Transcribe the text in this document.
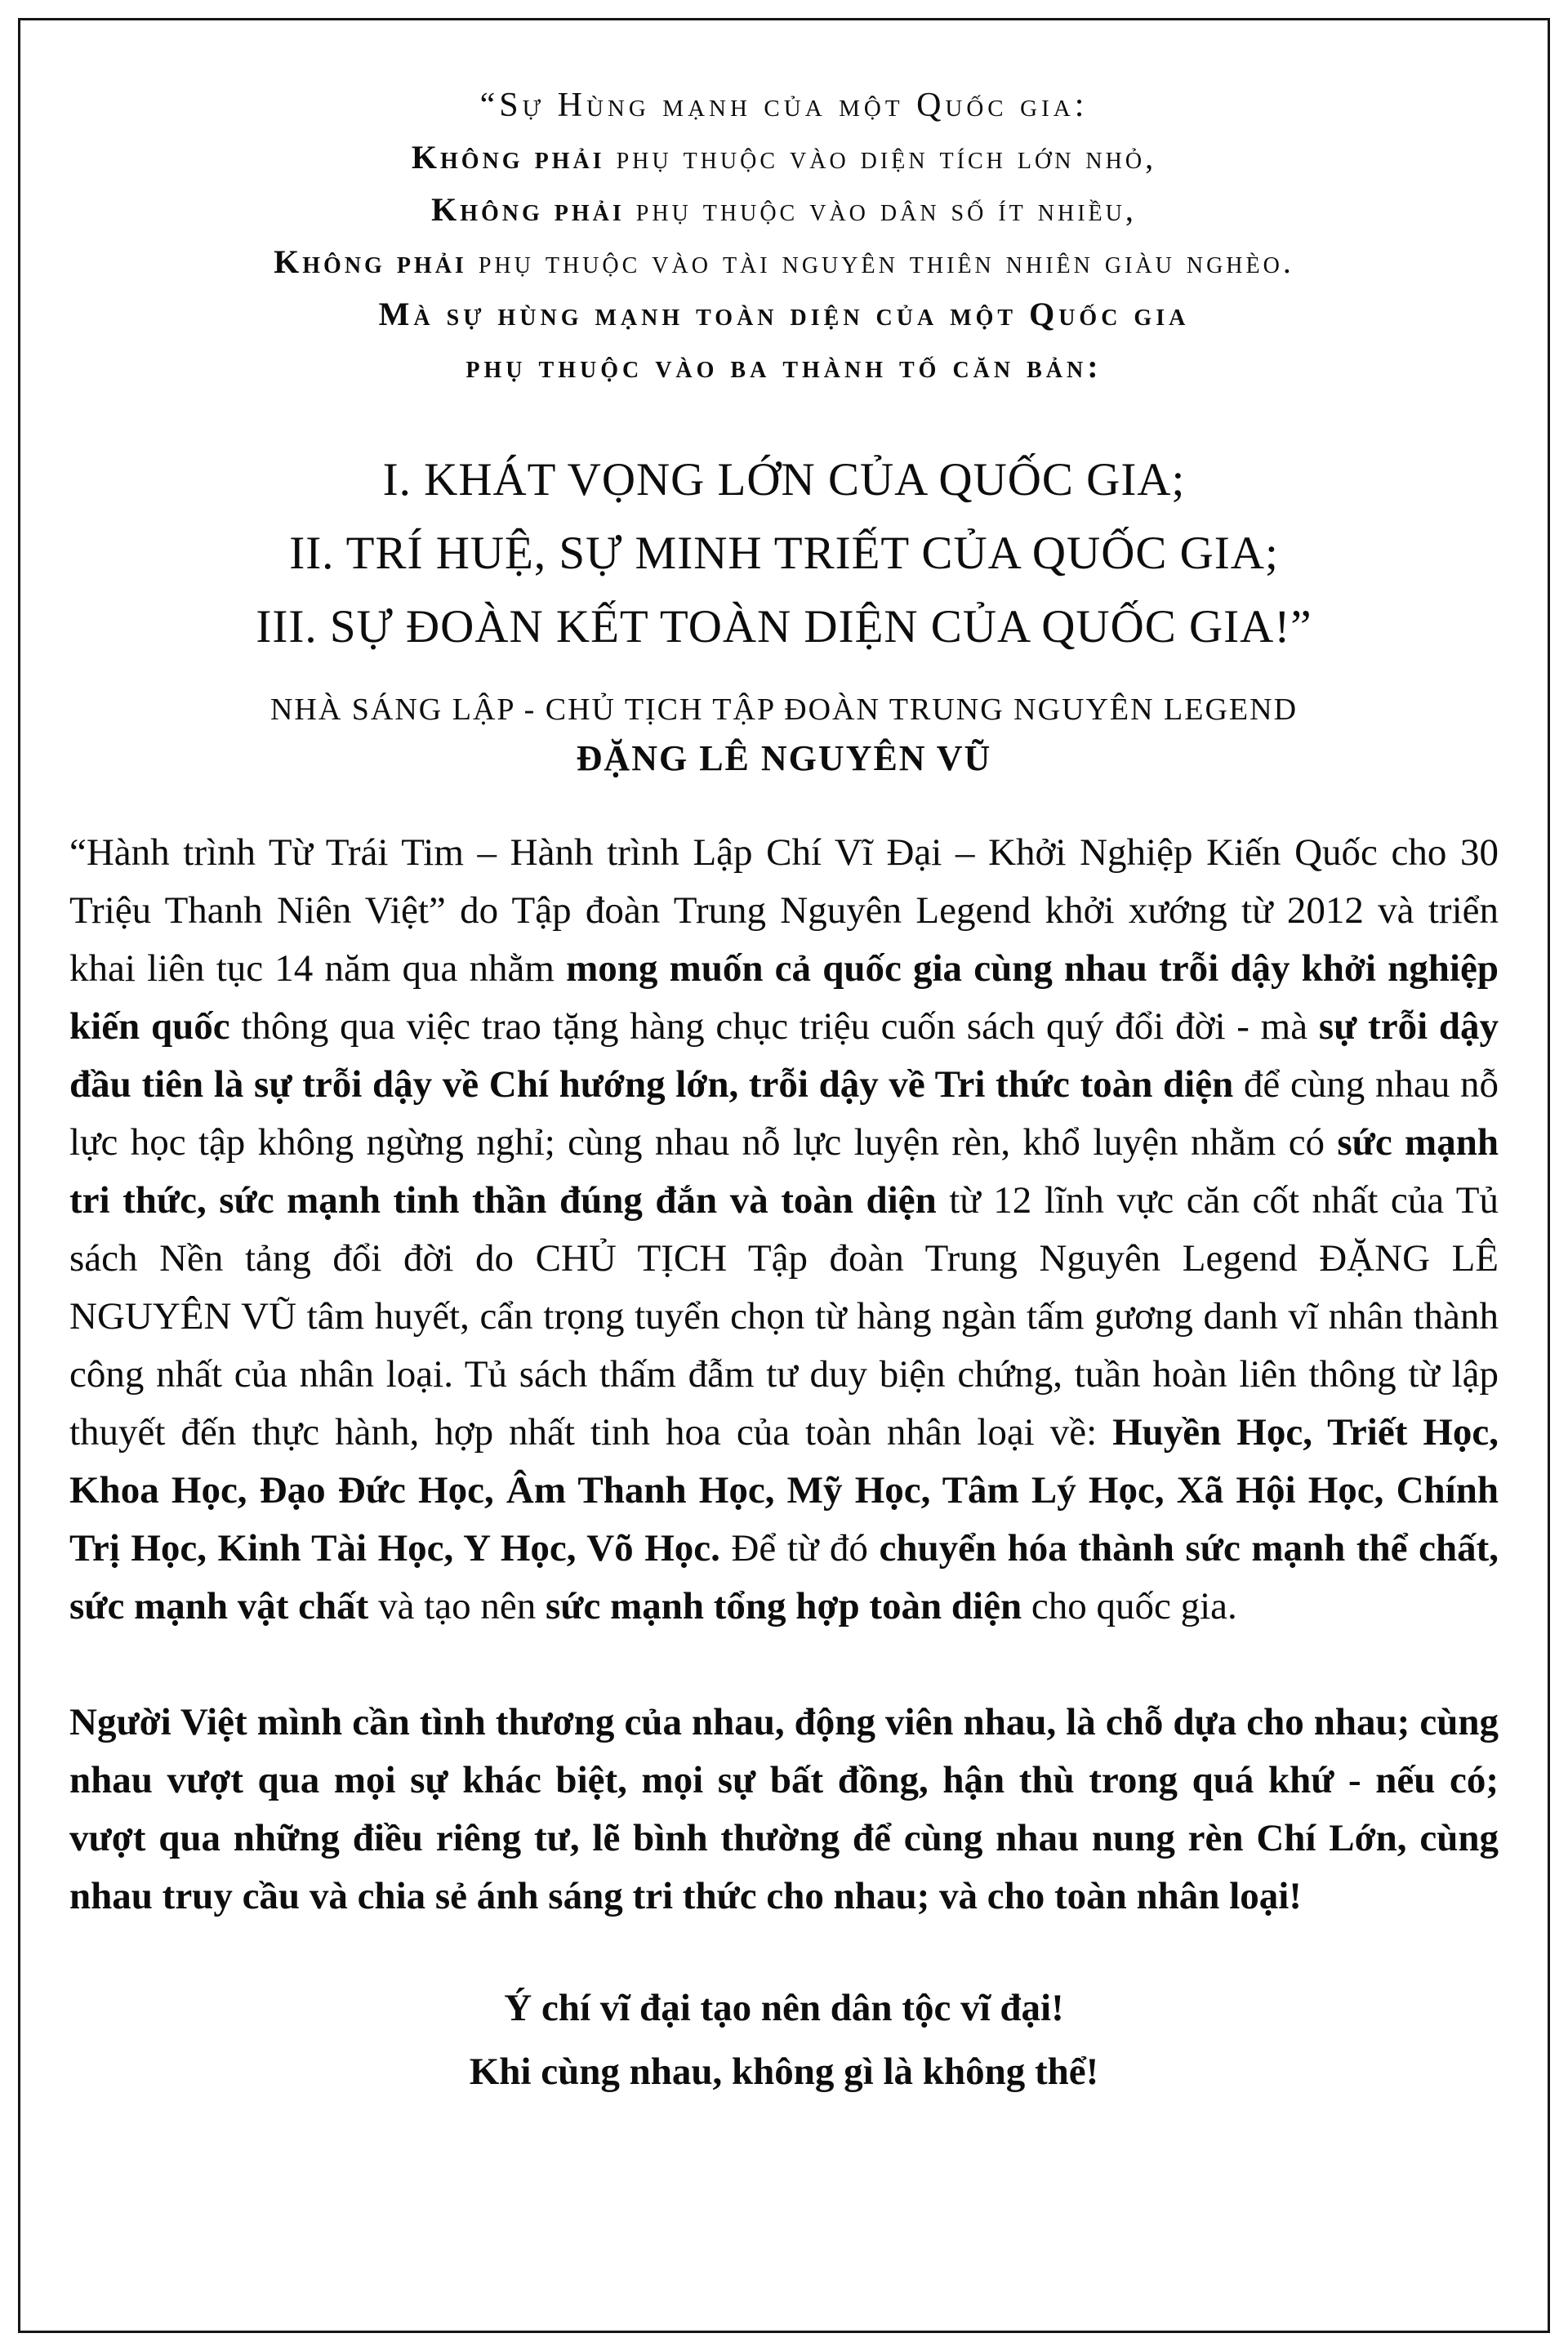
“Sự Hùng mạnh của một Quốc gia:
Không phải phụ thuộc vào diện tích lớn nhỏ,
Không phải phụ thuộc vào dân số ít nhiều,
Không phải phụ thuộc vào tài nguyên thiên nhiên giàu nghèo.
Mà sự hùng mạnh toàn diện của một Quốc gia
phụ thuộc vào ba thành tố căn bản:
I. KHÁT VỌNG LỚN CỦA QUỐC GIA;
II. TRÍ HUỆ, SỰ MINH TRIẾT CỦA QUỐC GIA;
III. SỰ ĐOÀN KẾT TOÀN DIỆN CỦA QUỐC GIA!”
NHÀ SÁNG LẬP - CHỦ TỊCH TẬP ĐOÀN TRUNG NGUYÊN LEGEND
ĐẶNG LÊ NGUYÊN VŨ

“Hành trình Từ Trái Tim – Hành trình Lập Chí Vĩ Đại – Khởi Nghiệp Kiến Quốc cho 30 Triệu Thanh Niên Việt” do Tập đoàn Trung Nguyên Legend khởi xướng từ 2012 và triển khai liên tục 14 năm qua nhằm mong muốn cả quốc gia cùng nhau trỗi dậy khởi nghiệp kiến quốc thông qua việc trao tặng hàng chục triệu cuốn sách quý đổi đời - mà sự trỗi dậy đầu tiên là sự trỗi dậy về Chí hướng lớn, trỗi dậy về Tri thức toàn diện để cùng nhau nỗ lực học tập không ngừng nghỉ; cùng nhau nỗ lực luyện rèn, khổ luyện nhằm có sức mạnh tri thức, sức mạnh tinh thần đúng đắn và toàn diện từ 12 lĩnh vực căn cốt nhất của Tủ sách Nền tảng đổi đời do CHỦ TỊCH Tập đoàn Trung Nguyên Legend ĐẶNG LÊ NGUYÊN VŨ tâm huyết, cẩn trọng tuyển chọn từ hàng ngàn tấm gương danh vĩ nhân thành công nhất của nhân loại. Tủ sách thấm đẫm tư duy biện chứng, tuần hoàn liên thông từ lập thuyết đến thực hành, hợp nhất tinh hoa của toàn nhân loại về: Huyền Học, Triết Học, Khoa Học, Đạo Đức Học, Âm Thanh Học, Mỹ Học, Tâm Lý Học, Xã Hội Học, Chính Trị Học, Kinh Tài Học, Y Học, Võ Học. Để từ đó chuyển hóa thành sức mạnh thể chất, sức mạnh vật chất và tạo nên sức mạnh tổng hợp toàn diện cho quốc gia.

Người Việt mình cần tình thương của nhau, động viên nhau, là chỗ dựa cho nhau; cùng nhau vượt qua mọi sự khác biệt, mọi sự bất đồng, hận thù trong quá khứ - nếu có; vượt qua những điều riêng tư, lẽ bình thường để cùng nhau nung rèn Chí Lớn, cùng nhau truy cầu và chia sẻ ánh sáng tri thức cho nhau; và cho toàn nhân loại!

Ý chí vĩ đại tạo nên dân tộc vĩ đại!
Khi cùng nhau, không gì là không thể!
